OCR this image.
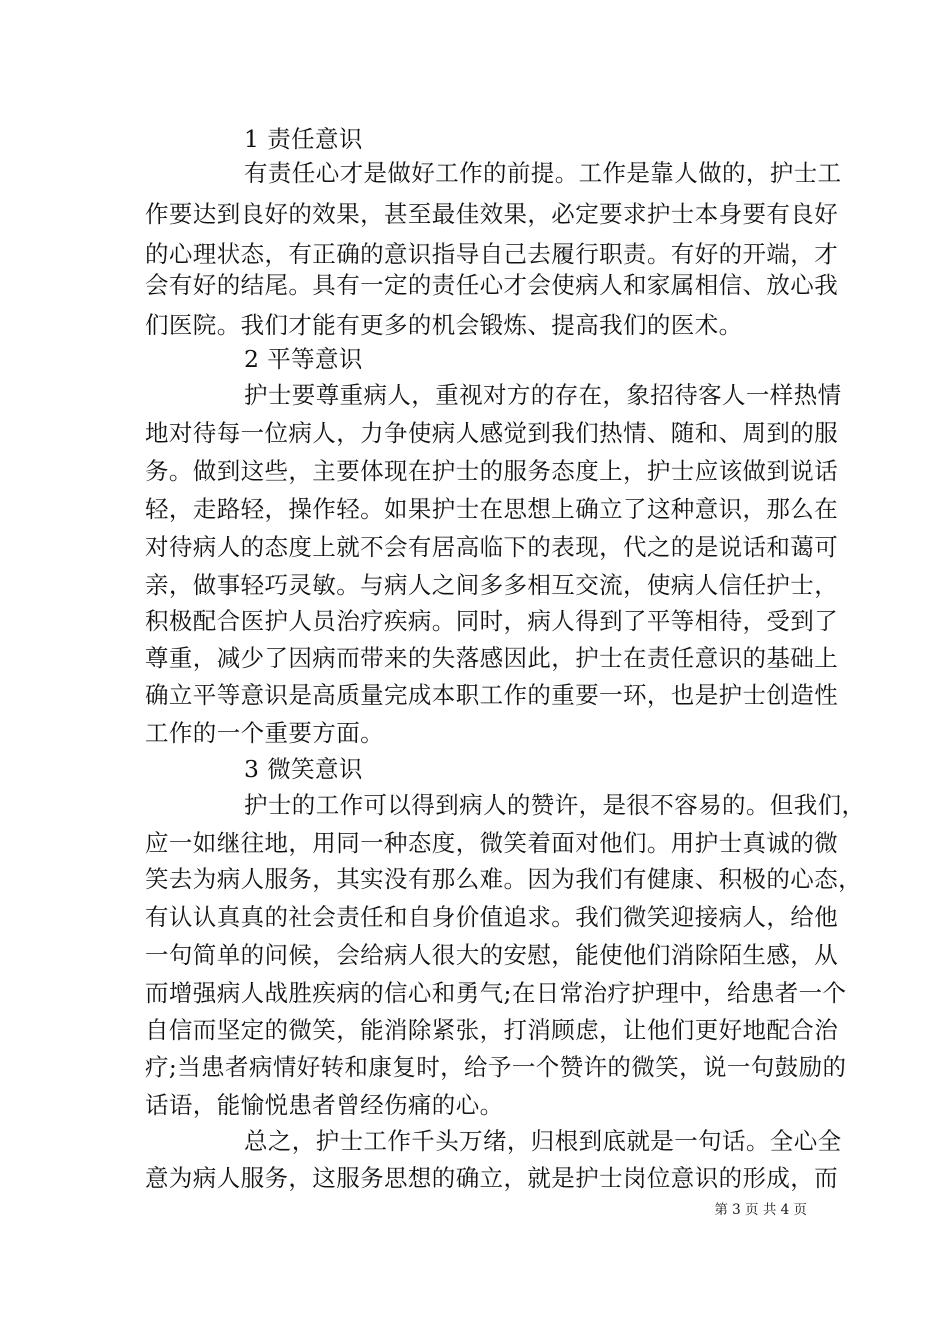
1 责任意识
有责任心才是做好工作的前提。工作是靠人做的，护士工
作要达到良好的效果，甚至最佳效果，必定要求护士本身要有良好
的心理状态，有正确的意识指导自己去履行职责。有好的开端，才
会有好的结尾。具有一定的责任心才会使病人和家属相信、放心我
们医院。我们才能有更多的机会锻炼、提高我们的医术。
2 平等意识
护士要尊重病人，重视对方的存在，象招待客人一样热情
地对待每一位病人，力争使病人感觉到我们热情、随和、周到的服
务。做到这些，主要体现在护士的服务态度上，护士应该做到说话
轻，走路轻，操作轻。如果护士在思想上确立了这种意识，那么在
对待病人的态度上就不会有居高临下的表现，代之的是说话和蔼可
亲，做事轻巧灵敏。与病人之间多多相互交流，使病人信任护士，
积极配合医护人员治疗疾病。同时，病人得到了平等相待，受到了
尊重，减少了因病而带来的失落感因此，护士在责任意识的基础上
确立平等意识是高质量完成本职工作的重要一环，也是护士创造性
工作的一个重要方面。
3 微笑意识
护士的工作可以得到病人的赞许，是很不容易的。但我们，
应一如继往地，用同一种态度，微笑着面对他们。用护士真诚的微
笑去为病人服务，其实没有那么难。因为我们有健康、积极的心态，
有认认真真的社会责任和自身价值追求。我们微笑迎接病人，给他
一句简单的问候，会给病人很大的安慰，能使他们消除陌生感，从
而增强病人战胜疾病的信心和勇气;在日常治疗护理中，给患者一个
自信而坚定的微笑，能消除紧张，打消顾虑，让他们更好地配合治
疗;当患者病情好转和康复时，给予一个赞许的微笑，说一句鼓励的
话语，能愉悦患者曾经伤痛的心。
总之，护士工作千头万绪，归根到底就是一句话。全心全
意为病人服务，这服务思想的确立，就是护士岗位意识的形成，而
第 3 页 共 4 页
